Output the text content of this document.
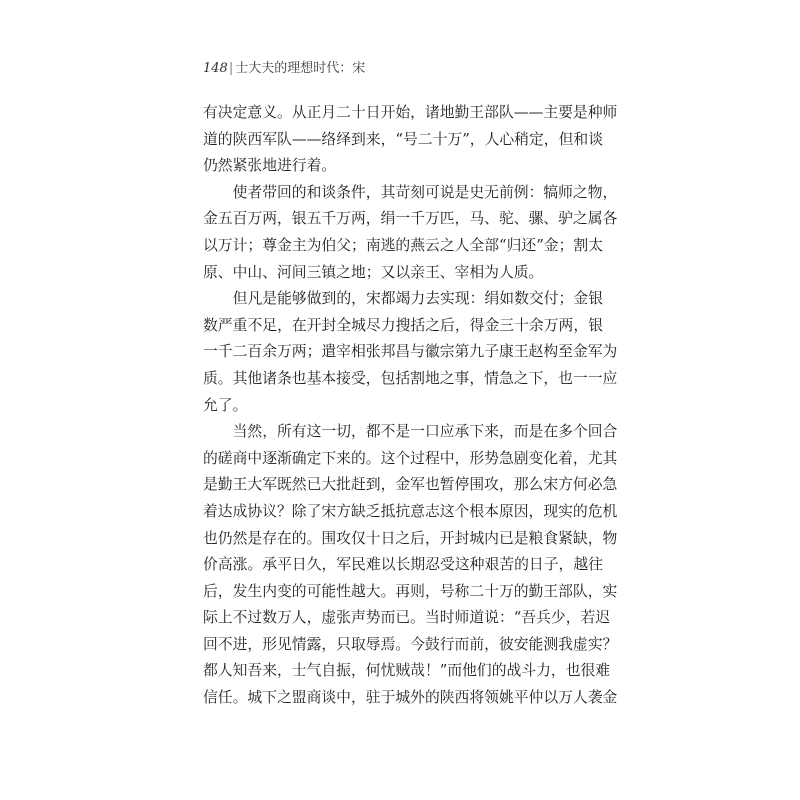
148| 士大夫的理想时代：宋
有决定意义。从正月二十日开始，诸地勤王部队——主要是种师
道的陕西军队——络绎到来，“号二十万”，人心稍定，但和谈
仍然紧张地进行着。
　　使者带回的和谈条件，其苛刻可说是史无前例：犒师之物，
金五百万两，银五千万两，绢一千万匹，马、驼、骡、驴之属各
以万计；尊金主为伯父；南逃的燕云之人全部“归还”金；割太
原、中山、河间三镇之地；又以亲王、宰相为人质。
　　但凡是能够做到的，宋都竭力去实现：绢如数交付；金银
数严重不足，在开封全城尽力搜括之后，得金三十余万两，银
一千二百余万两；遣宰相张邦昌与徽宗第九子康王赵构至金军为
质。其他诸条也基本接受，包括割地之事，情急之下，也一一应
允了。
　　当然，所有这一切，都不是一口应承下来，而是在多个回合
的磋商中逐渐确定下来的。这个过程中，形势急剧变化着，尤其
是勤王大军既然已大批赶到，金军也暂停围攻，那么宋方何必急
着达成协议？除了宋方缺乏抵抗意志这个根本原因，现实的危机
也仍然是存在的。围攻仅十日之后，开封城内已是粮食紧缺，物
价高涨。承平日久，军民难以长期忍受这种艰苦的日子，越往
后，发生内变的可能性越大。再则，号称二十万的勤王部队，实
际上不过数万人，虚张声势而已。当时师道说：“吾兵少，若迟
回不进，形见情露，只取辱焉。今鼓行而前，彼安能测我虚实？
都人知吾来，士气自振，何忧贼哉！”而他们的战斗力，也很难
信任。城下之盟商谈中，驻于城外的陕西将领姚平仲以万人袭金
